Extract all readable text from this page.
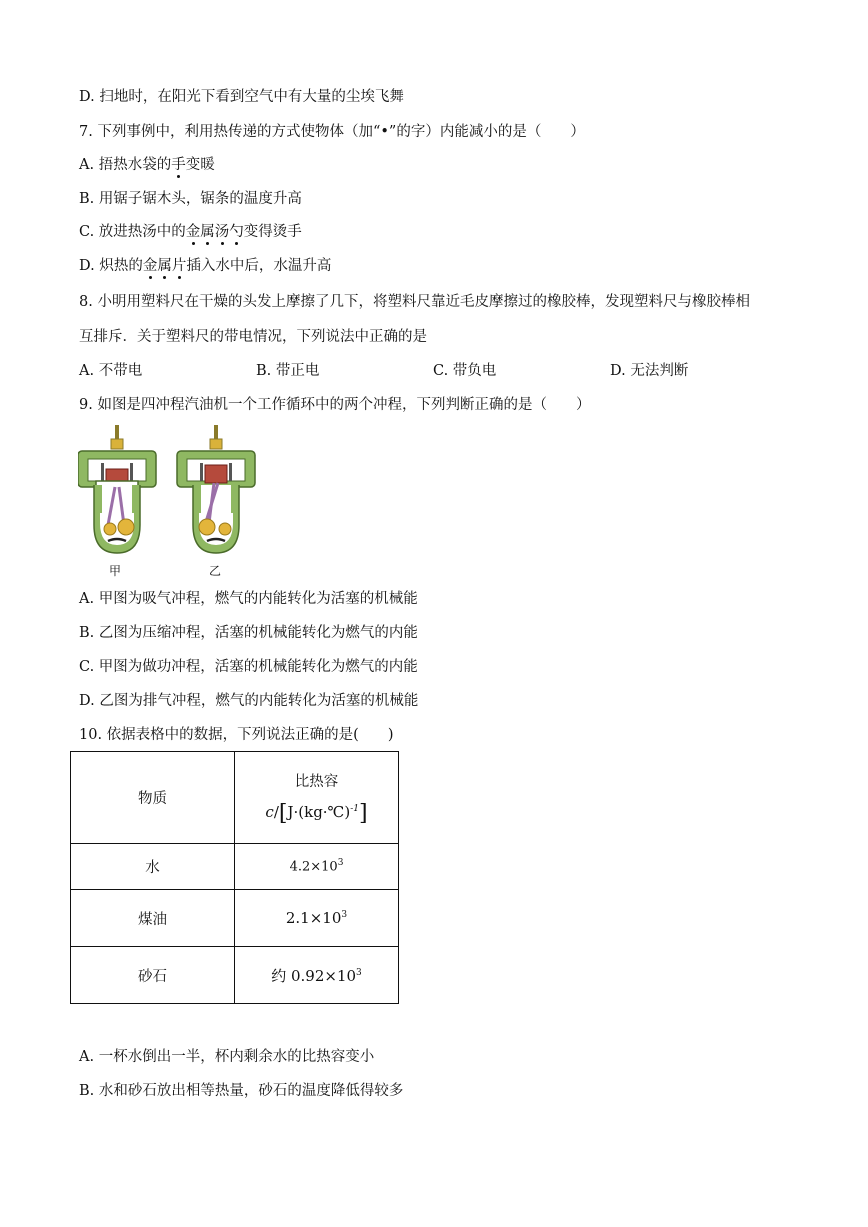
D. 扫地时，在阳光下看到空气中有大量的尘埃飞舞
7. 下列事例中，利用热传递的方式使物体（加“•”的字）内能减小的是（　　）
A. 捂热水袋的手变暖
B. 用锯子锯木头，锯条的温度升高
C. 放进热汤中的金属汤勺变得烫手
D. 炽热的金属片插入水中后，水温升高
8. 小明用塑料尺在干燥的头发上摩擦了几下，将塑料尺靠近毛皮摩擦过的橡胶棒，发现塑料尺与橡胶棒相
互排斥．关于塑料尺的带电情况，下列说法中正确的是
A. 不带电	B. 带正电	C. 带负电	D. 无法判断
9. 如图是四冲程汽油机一个工作循环中的两个冲程，下列判断正确的是（　　）
甲	乙
A. 甲图为吸气冲程，燃气的内能转化为活塞的机械能
B. 乙图为压缩冲程，活塞的机械能转化为燃气的内能
C. 甲图为做功冲程，活塞的机械能转化为燃气的内能
D. 乙图为排气冲程，燃气的内能转化为活塞的机械能
10. 依据表格中的数据，下列说法正确的是(　　)
物质	比热容
c/[J·(kg·℃)$^{-1}$]

水	$4.2\times 10^3$
煤油	$2.1\times 10^3$
砂石	约 $0.92\times 10^3$
A. 一杯水倒出一半，杯内剩余水的比热容变小
B. 水和砂石放出相等热量，砂石的温度降低得较多
